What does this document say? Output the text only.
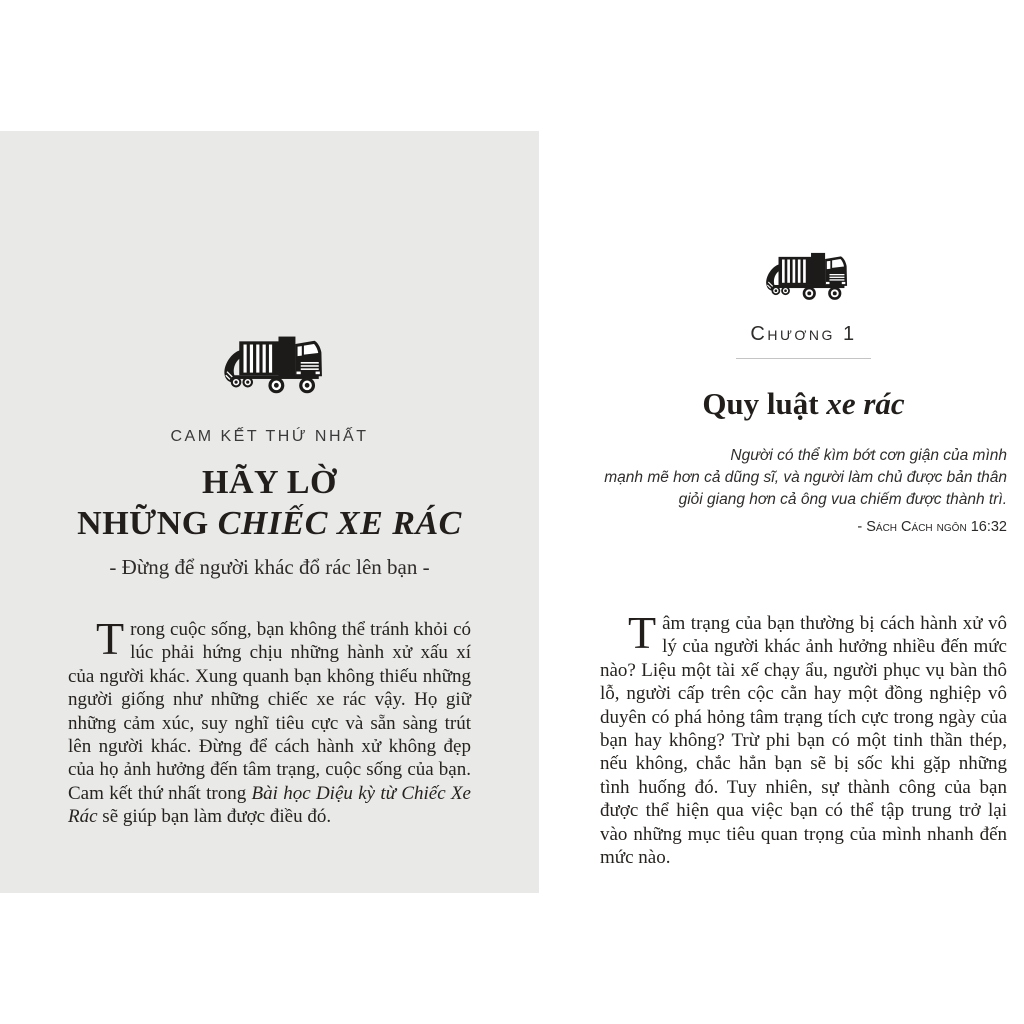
CAM KẾT THỨ NHẤT
HÃY LỜ
NHỮNG CHIẾC XE RÁC
- Đừng để người khác đổ rác lên bạn -

Trong cuộc sống, bạn không thể tránh khỏi có lúc phải hứng chịu những hành xử xấu xí của người khác. Xung quanh bạn không thiếu những người giống như những chiếc xe rác vậy. Họ giữ những cảm xúc, suy nghĩ tiêu cực và sẵn sàng trút lên người khác. Đừng để cách hành xử không đẹp của họ ảnh hưởng đến tâm trạng, cuộc sống của bạn. Cam kết thứ nhất trong Bài học Diệu kỳ từ Chiếc Xe Rác sẽ giúp bạn làm được điều đó.

Chương 1
Quy luật xe rác
Người có thể kìm bớt cơn giận của mình
mạnh mẽ hơn cả dũng sĩ, và người làm chủ được bản thân
giỏi giang hơn cả ông vua chiếm được thành trì.
- Sách Cách ngôn 16:32

Tâm trạng của bạn thường bị cách hành xử vô lý của người khác ảnh hưởng nhiều đến mức nào? Liệu một tài xế chạy ẩu, người phục vụ bàn thô lỗ, người cấp trên cộc cằn hay một đồng nghiệp vô duyên có phá hỏng tâm trạng tích cực trong ngày của bạn hay không? Trừ phi bạn có một tinh thần thép, nếu không, chắc hẳn bạn sẽ bị sốc khi gặp những tình huống đó. Tuy nhiên, sự thành công của bạn được thể hiện qua việc bạn có thể tập trung trở lại vào những mục tiêu quan trọng của mình nhanh đến mức nào.
